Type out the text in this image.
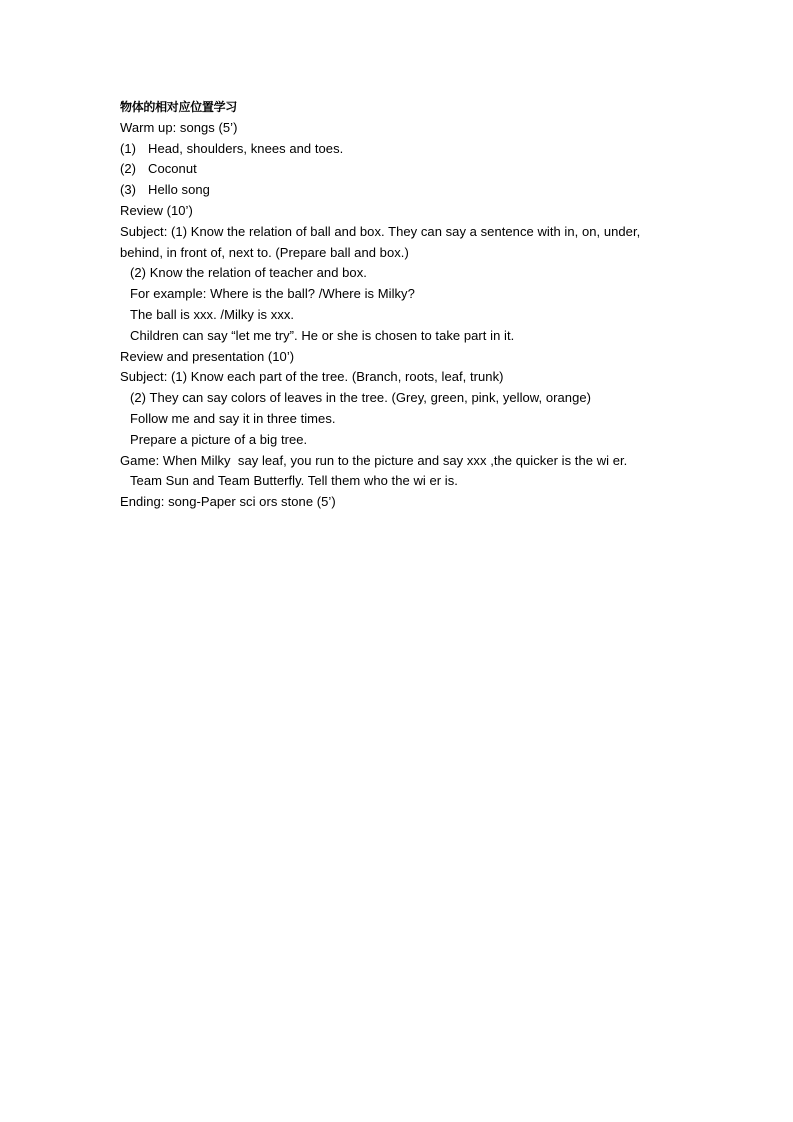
物体的相对应位置学习
Warm up: songs (5’)
(1) Head, shoulders, knees and toes.
(2) Coconut
(3) Hello song
Review (10’)
Subject: (1) Know the relation of ball and box. They can say a sentence with in, on, under,
behind, in front of, next to. (Prepare ball and box.)
(2) Know the relation of teacher and box.
For example: Where is the ball? /Where is Milky?
The ball is xxx. /Milky is xxx.
Children can say “let me try”. He or she is chosen to take part in it.
Review and presentation (10’)
Subject: (1) Know each part of the tree. (Branch, roots, leaf, trunk)
(2) They can say colors of leaves in the tree. (Grey, green, pink, yellow, orange)
Follow me and say it in three times.
Prepare a picture of a big tree.
Game: When Milky  say leaf, you run to the picture and say xxx ,the quicker is the wi er.
Team Sun and Team Butterfly. Tell them who the wi er is.
Ending: song-Paper sci ors stone (5’)
